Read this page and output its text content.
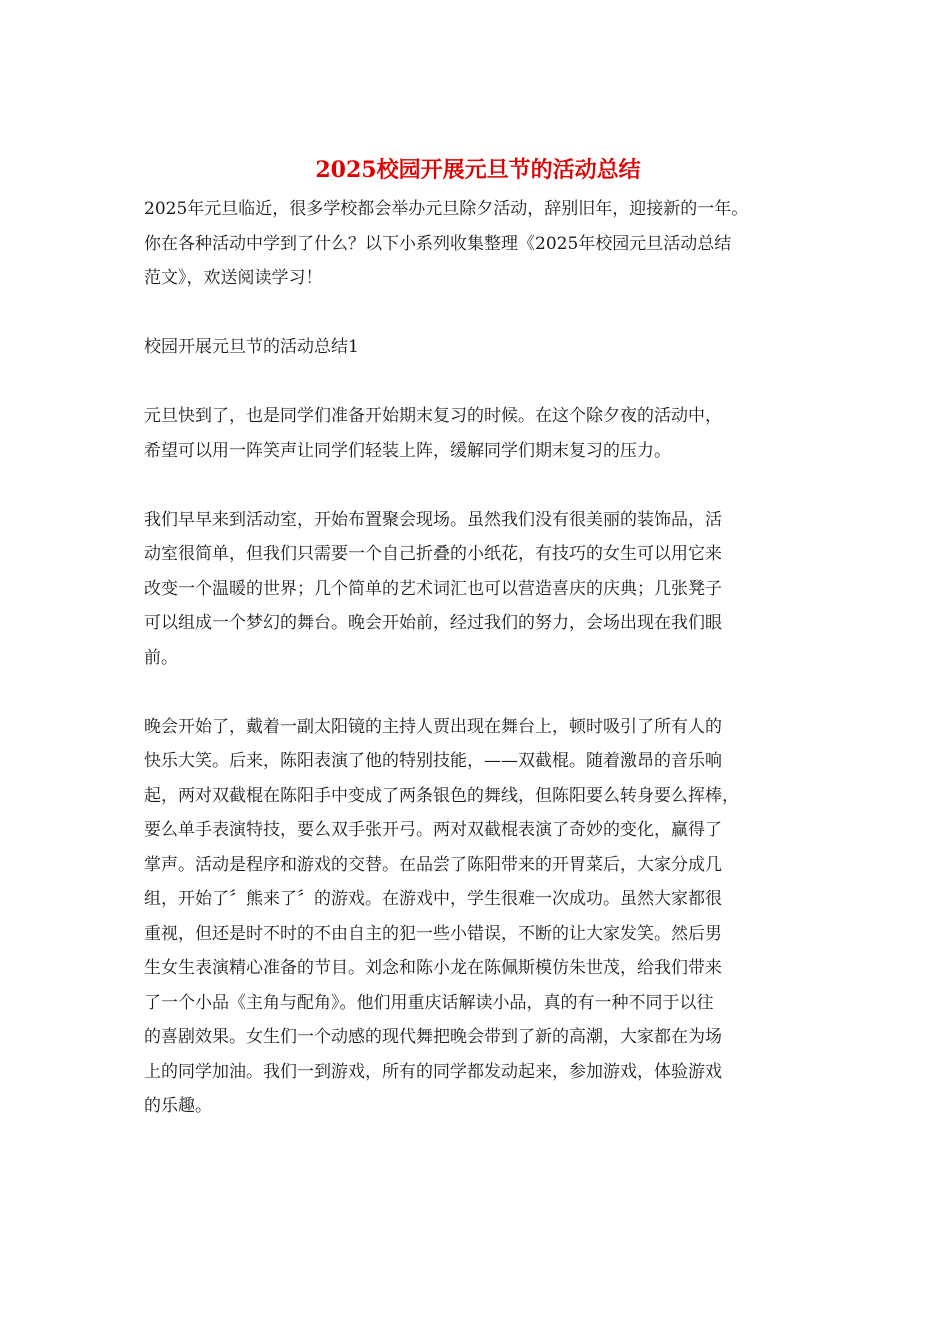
2025校园开展元旦节的活动总结
2025年元旦临近，很多学校都会举办元旦除夕活动，辞别旧年，迎接新的一年。
你在各种活动中学到了什么？以下小系列收集整理《2025年校园元旦活动总结
范文》，欢送阅读学习！
校园开展元旦节的活动总结1
元旦快到了，也是同学们准备开始期末复习的时候。在这个除夕夜的活动中，
希望可以用一阵笑声让同学们轻装上阵，缓解同学们期末复习的压力。
我们早早来到活动室，开始布置聚会现场。虽然我们没有很美丽的装饰品，活
动室很简单，但我们只需要一个自己折叠的小纸花，有技巧的女生可以用它来
改变一个温暖的世界；几个简单的艺术词汇也可以营造喜庆的庆典；几张凳子
可以组成一个梦幻的舞台。晚会开始前，经过我们的努力，会场出现在我们眼
前。
晚会开始了，戴着一副太阳镜的主持人贾出现在舞台上，顿时吸引了所有人的
快乐大笑。后来，陈阳表演了他的特别技能，——双截棍。随着激昂的音乐响
起，两对双截棍在陈阳手中变成了两条银色的舞线，但陈阳要么转身要么挥棒，
要么单手表演特技，要么双手张开弓。两对双截棍表演了奇妙的变化，赢得了
掌声。活动是程序和游戏的交替。在品尝了陈阳带来的开胃菜后，大家分成几
组，开始了〞熊来了〞的游戏。在游戏中，学生很难一次成功。虽然大家都很
重视，但还是时不时的不由自主的犯一些小错误，不断的让大家发笑。然后男
生女生表演精心准备的节目。刘念和陈小龙在陈佩斯模仿朱世茂，给我们带来
了一个小品《主角与配角》。他们用重庆话解读小品，真的有一种不同于以往
的喜剧效果。女生们一个动感的现代舞把晚会带到了新的高潮，大家都在为场
上的同学加油。我们一到游戏，所有的同学都发动起来，参加游戏，体验游戏
的乐趣。
